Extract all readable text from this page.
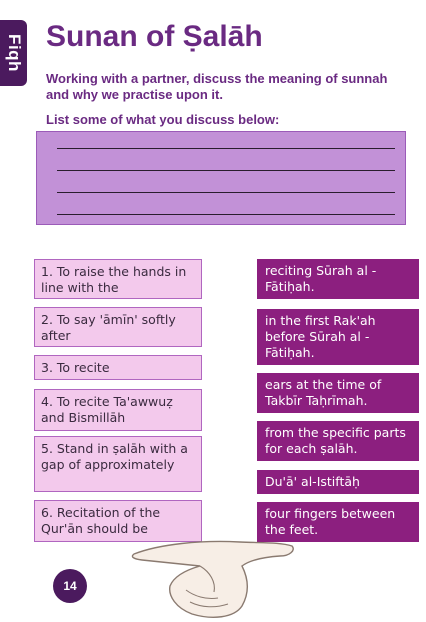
Fiqh Sunan of Ṣalāh

Working with a partner, discuss the meaning of sunnah and why we practise upon it.

List some of what you discuss below:

1. To raise the hands in line with the
2. To say 'āmīn' softly after
3. To recite
4. To recite Ta'awwuẓ and Bismillāh
5. Stand in ṣalāh with a gap of approximately
6. Recitation of the Qur'ān should be
reciting Sūrah al - Fātiḥah.
in the first Rak'ah before Sūrah al - Fātiḥah.
ears at the time of Takbīr Taḥrīmah.
from the specific parts for each ṣalāh.
Du'ā' al-Istiftāḥ
four fingers between the feet.
14
